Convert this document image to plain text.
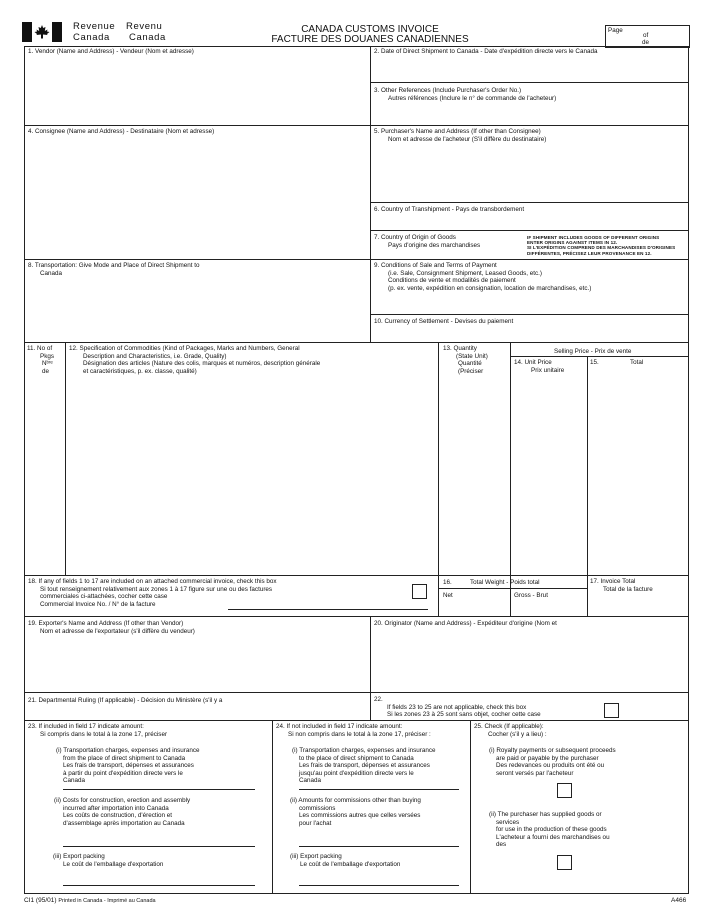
Revenue
Canada
Revenu
Canada
CANADA CUSTOMS INVOICE
FACTURE DES DOUANES CANADIENNES
Page
of
de
1. Vendor (Name and Address) - Vendeur (Nom et adresse)	2. Date of Direct Shipment to Canada - Date d'expédition directe vers le Canada
3. Other References (Include Purchaser's Order No.)
Autres références (Inclure le n° de commande de l'acheteur)
4. Consignee (Name and Address) - Destinataire (Nom et adresse)	5. Purchaser's Name and Address (If other than Consignee)
Nom et adresse de l'acheteur (S'il diffère du destinataire)
6. Country of Transhipment - Pays de transbordement
7. Country of Origin of Goods
Pays d'origine des marchandises
IF SHIPMENT INCLUDES GOODS OF DIFFERENT ORIGINS
ENTER ORIGINS AGAINST ITEMS IN 12.
SI L'EXPÉDITION COMPREND DES MARCHANDISES D'ORIGINES
DIFFÉRENTES, PRÉCISEZ LEUR PROVENANCE EN 12.
8. Transportation: Give Mode and Place of Direct Shipment to
Canada
9. Conditions of Sale and Terms of Payment
(i.e. Sale, Consignment Shipment, Leased Goods, etc.)
Conditions de vente et modalités de paiement
(p. ex. vente, expédition en consignation, location de marchandises, etc.)
10. Currency of Settlement - Devises du paiement
11. No of
Pkgs
Nᵇʳᵉ
de
12. Specification of Commodities (Kind of Packages, Marks and Numbers, General
Description and Characteristics, i.e. Grade, Quality)
Désignation des articles (Nature des colis, marques et numéros, description générale
et caractéristiques, p. ex. classe, qualité)
13. Quantity
(State Unit)
Quantité
(Préciser
Selling Price - Prix de vente
14. Unit Price
Prix unitaire
15.	Total
18. If any of fields 1 to 17 are included on an attached commercial invoice, check this box
Si tout renseignement relativement aux zones 1 à 17 figure sur une ou des factures
commerciales ci-attachées, cocher cette case
Commercial Invoice No. / N° de la facture
16.	Total Weight - Poids total
Net	Gross - Brut
17. Invoice Total
Total de la facture
19. Exporter's Name and Address (If other than Vendor)
Nom et adresse de l'exportateur (s'il diffère du vendeur)
20. Originator (Name and Address) - Expéditeur d'origine (Nom et
21. Departmental Ruling (If applicable) - Décision du Ministère (s'il y a	22.
If fields 23 to 25 are not applicable, check this box
Si les zones 23 à 25 sont sans objet, cocher cette case
23. If included in field 17 indicate amount:
Si compris dans le total à la zone 17, préciser
(i) Transportation charges, expenses and insurance
from the place of direct shipment to Canada
Les frais de transport, dépenses et assurances
à partir du point d'expédition directe vers le
Canada
(ii) Costs for construction, erection and assembly
incurred after importation into Canada
Les coûts de construction, d'érection et
d'assemblage après importation au Canada
(iii) Export packing
Le coût de l'emballage d'exportation
24. If not included in field 17 indicate amount:
Si non compris dans le total à la zone 17, préciser :
(i) Transportation charges, expenses and insurance
to the place of direct shipment to Canada
Les frais de transport, dépenses et assurances
jusqu'au point d'expédition directe vers le
Canada
(ii) Amounts for commissions other than buying
commissions
Les commissions autres que celles versées
pour l'achat
(iii) Export packing
Le coût de l'emballage d'exportation
25. Check (If applicable):
Cocher (s'il y a lieu) :
(i) Royalty payments or subsequent proceeds
are paid or payable by the purchaser
Des redevances ou produits ont été ou
seront versés par l'acheteur
(ii) The purchaser has supplied goods or
services
for use in the production of these goods
L'acheteur a fourni des marchandises ou
des
CI1 (95/01) Printed in Canada - Imprimé au Canada	A466
